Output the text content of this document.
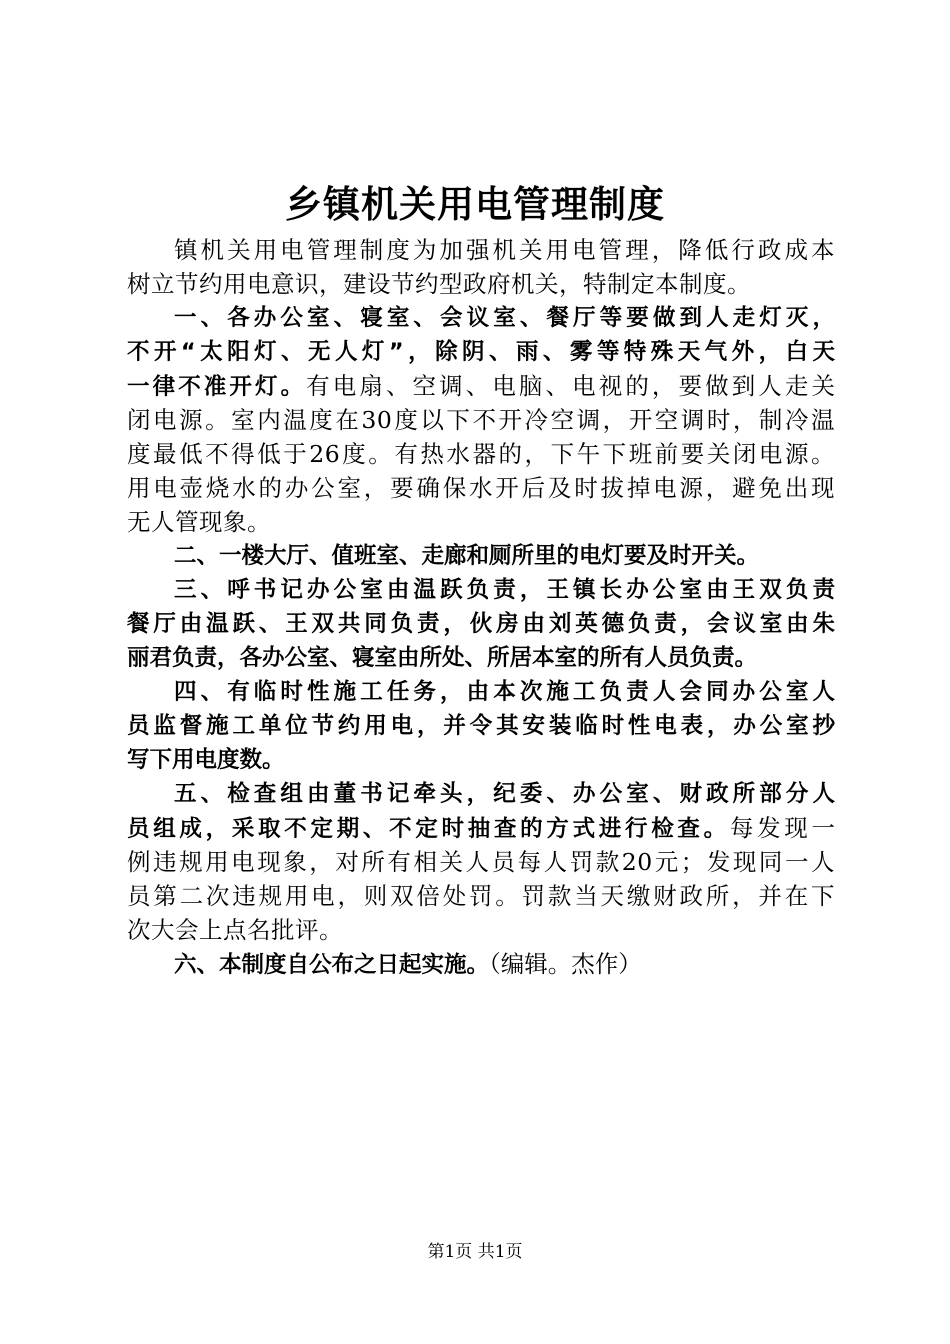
乡镇机关用电管理制度
镇机关用电管理制度为加强机关用电管理，降低行政成本
树立节约用电意识，建设节约型政府机关，特制定本制度。
一、各办公室、寝室、会议室、餐厅等要做到人走灯灭，
不开“太阳灯、无人灯”，除阴、雨、雾等特殊天气外，白天
一律不准开灯。有电扇、空调、电脑、电视的，要做到人走关
闭电源。室内温度在30度以下不开冷空调，开空调时，制冷温
度最低不得低于26度。有热水器的，下午下班前要关闭电源。
用电壶烧水的办公室，要确保水开后及时拔掉电源，避免出现
无人管现象。
二、一楼大厅、值班室、走廊和厕所里的电灯要及时开关。
三、呼书记办公室由温跃负责，王镇长办公室由王双负责
餐厅由温跃、王双共同负责，伙房由刘英德负责，会议室由朱
丽君负责，各办公室、寝室由所处、所居本室的所有人员负责。
四、有临时性施工任务，由本次施工负责人会同办公室人
员监督施工单位节约用电，并令其安装临时性电表，办公室抄
写下用电度数。
五、检查组由董书记牵头，纪委、办公室、财政所部分人
员组成，采取不定期、不定时抽查的方式进行检查。每发现一
例违规用电现象，对所有相关人员每人罚款20元；发现同一人
员第二次违规用电，则双倍处罚。罚款当天缴财政所，并在下
次大会上点名批评。
六、本制度自公布之日起实施。（编辑。杰作）
第1页 共1页
